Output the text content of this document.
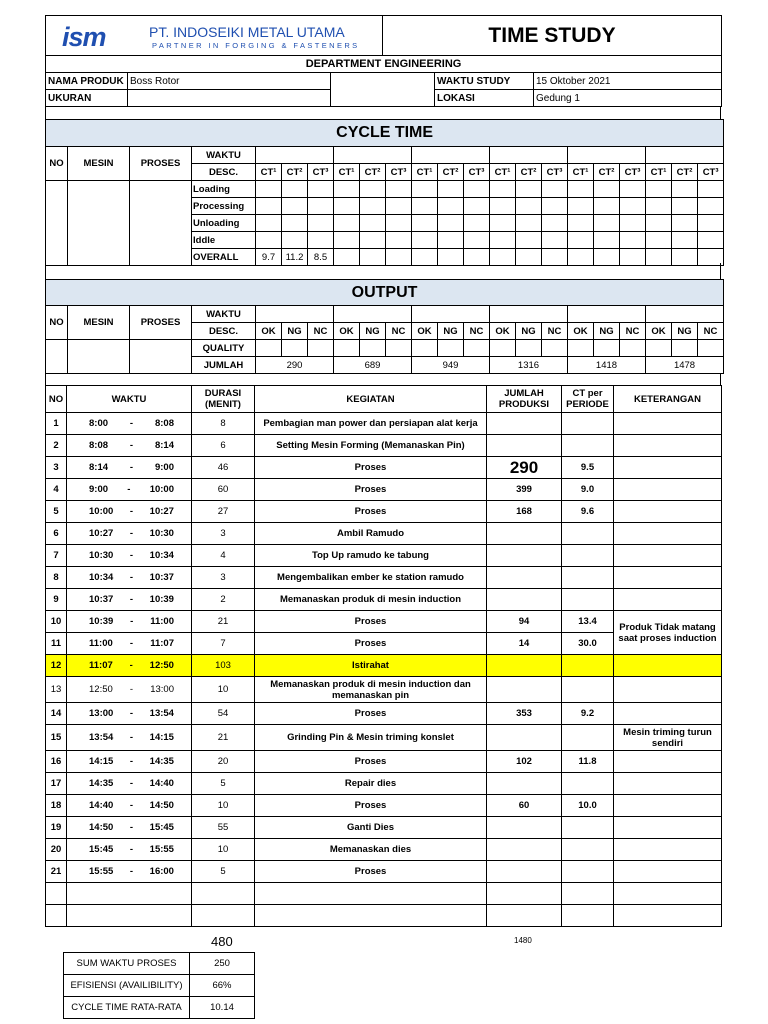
ism	PT. INDOSEIKI METAL UTAMA
PARTNER IN FORGING & FASTENERS	TIME STUDY
DEPARTMENT ENGINEERING				
NAMA PRODUK	Boss Rotor		WAKTU STUDY	15 Oktober 2021
UKURAN			LOKASI	Gedung 1
CYCLE TIME																					
NO	MESIN	PROSES	WAKTU																		
			DESC.	CT¹	CT²	CT³	CT¹	CT²	CT³	CT¹	CT²	CT³	CT¹	CT²	CT³	CT¹	CT²	CT³	CT¹	CT²	CT³
			Loading																		
			Processing																		
			Unloading																		
			Iddle																		
			OVERALL	9.7	11.2	8.5															
OUTPUT																					
NO	MESIN	PROSES	WAKTU																		
			DESC.	OK	NG	NC	OK	NG	NC	OK	NG	NC	OK	NG	NC	OK	NG	NC	OK	NG	NC
			QUALITY																		
			JUMLAH	290			689			949			1316			1418			1478		
NO	WAKTU	DURASI (MENIT)	KEGIATAN	JUMLAH PRODUKSI	CT per PERIODE	KETERANGAN
1	8:00 - 8:08	8	Pembagian man power dan persiapan alat kerja			
2	8:08 - 8:14	6	Setting Mesin Forming (Memanaskan Pin)			
3	8:14 - 9:00	46	Proses	290	9.5	
4	9:00 - 10:00	60	Proses	399	9.0	
5	10:00 - 10:27	27	Proses	168	9.6	
6	10:27 - 10:30	3	Ambil Ramudo			
7	10:30 - 10:34	4	Top Up ramudo ke tabung			
8	10:34 - 10:37	3	Mengembalikan ember ke station ramudo			
9	10:37 - 10:39	2	Memanaskan produk di mesin induction			
10	10:39 - 11:00	21	Proses	94	13.4	Produk Tidak matang saat proses induction
11	11:00 - 11:07	7	Proses	14	30.0	
12	11:07 - 12:50	103	Istirahat			
13	12:50 - 13:00	10	Memanaskan produk di mesin induction dan memanaskan pin			
14	13:00 - 13:54	54	Proses	353	9.2	
15	13:54 - 14:15	21	Grinding Pin & Mesin triming konslet			Mesin triming turun sendiri
16	14:15 - 14:35	20	Proses	102	11.8	
17	14:35 - 14:40	5	Repair dies			
18	14:40 - 14:50	10	Proses	60	10.0	
19	14:50 - 15:45	55	Ganti Dies			
20	15:45 - 15:55	10	Memanaskan dies			
21	15:55 - 16:00	5	Proses			

480	1480
SUM WAKTU PROSES	250
EFISIENSI (AVAILIBILITY)	66%
CYCLE TIME RATA-RATA	10.14
